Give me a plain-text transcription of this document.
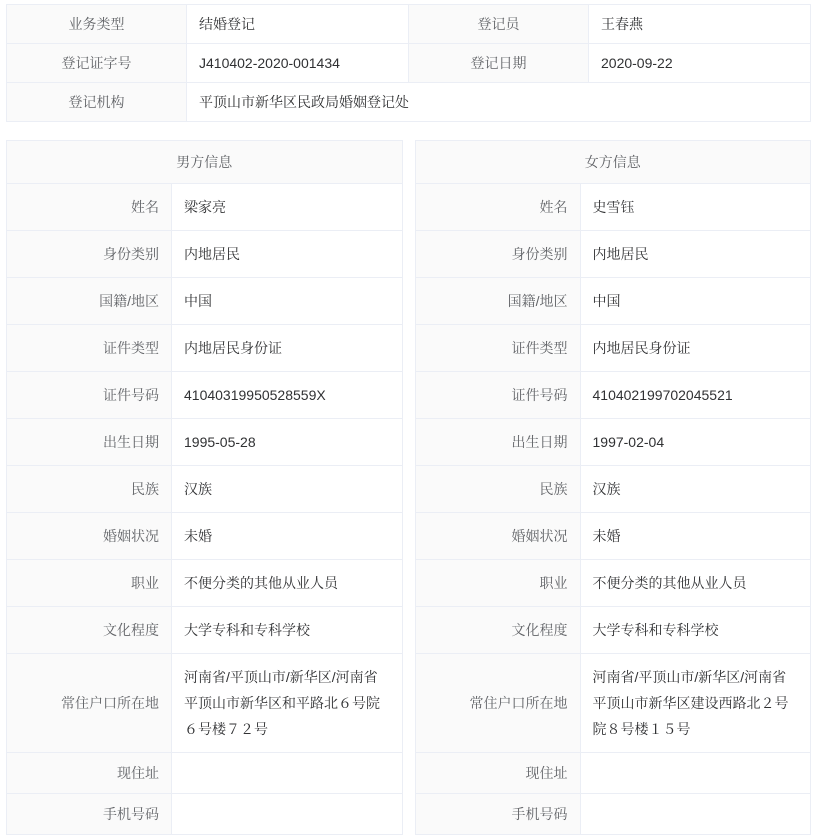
业务类型	结婚登记	登记员	王春燕
登记证字号	J410402-2020-001434	登记日期	2020-09-22
登记机构	平顶山市新华区民政局婚姻登记处		
男方信息
姓名	梁家亮
身份类别	内地居民
国籍/地区	中国
证件类型	内地居民身份证
证件号码	41040319950528559X
出生日期	1995-05-28
民族	汉族
婚姻状况	未婚
职业	不便分类的其他从业人员
文化程度	大学专科和专科学校
常住户口所在地	河南省/平顶山市/新华区/河南省平顶山市新华区和平路北６号院６号楼７２号
现住址	
手机号码	
女方信息
姓名	史雪钰
身份类别	内地居民
国籍/地区	中国
证件类型	内地居民身份证
证件号码	410402199702045521
出生日期	1997-02-04
民族	汉族
婚姻状况	未婚
职业	不便分类的其他从业人员
文化程度	大学专科和专科学校
常住户口所在地	河南省/平顶山市/新华区/河南省平顶山市新华区建设西路北２号院８号楼１５号
现住址	
手机号码	
